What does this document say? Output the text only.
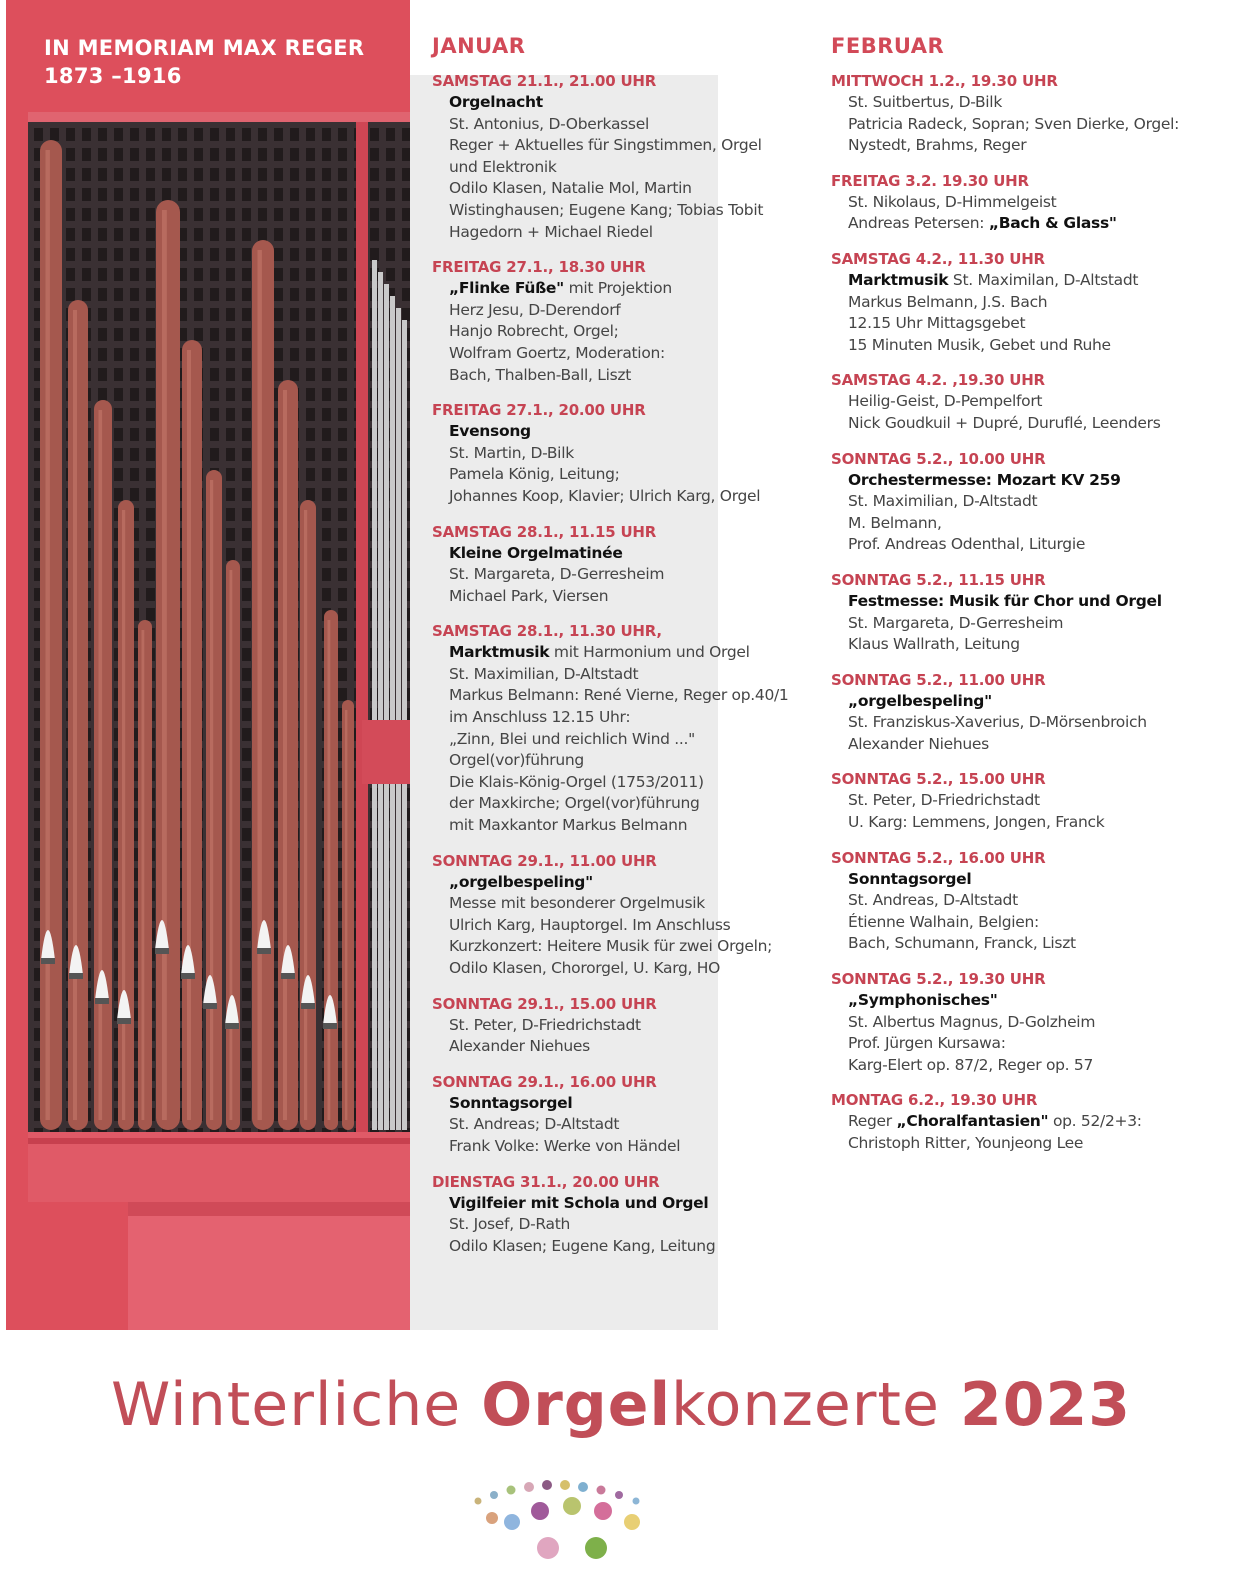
IN MEMORIAM MAX REGER
1873 –1916
JANUAR
SAMSTAG 21.1., 21.00 UHR
Orgelnacht
St. Antonius, D-Oberkassel
Reger + Aktuelles für Singstimmen, Orgel
und Elektronik
Odilo Klasen, Natalie Mol, Martin
Wistinghausen; Eugene Kang; Tobias Tobit
Hagedorn + Michael Riedel
FREITAG 27.1., 18.30 UHR
„Flinke Füße" mit Projektion
Herz Jesu, D-Derendorf
Hanjo Robrecht, Orgel;
Wolfram Goertz, Moderation:
Bach, Thalben-Ball, Liszt
FREITAG 27.1., 20.00 UHR
Evensong
St. Martin, D-Bilk
Pamela König, Leitung;
Johannes Koop, Klavier; Ulrich Karg, Orgel
SAMSTAG 28.1., 11.15 UHR
Kleine Orgelmatinée
St. Margareta, D-Gerresheim
Michael Park, Viersen
SAMSTAG 28.1., 11.30 UHR,
Marktmusik mit Harmonium und Orgel
St. Maximilian, D-Altstadt
Markus Belmann: René Vierne, Reger op.40/1
im Anschluss 12.15 Uhr:
„Zinn, Blei und reichlich Wind ..."
Orgel(vor)führung
Die Klais-König-Orgel (1753/2011)
der Maxkirche; Orgel(vor)führung
mit Maxkantor Markus Belmann
SONNTAG 29.1., 11.00 UHR
„orgelbespeling"
Messe mit besonderer Orgelmusik
Ulrich Karg, Hauptorgel. Im Anschluss
Kurzkonzert: Heitere Musik für zwei Orgeln;
Odilo Klasen, Chororgel, U. Karg, HO
SONNTAG 29.1., 15.00 UHR
St. Peter, D-Friedrichstadt
Alexander Niehues
SONNTAG 29.1., 16.00 UHR
Sonntagsorgel
St. Andreas; D-Altstadt
Frank Volke: Werke von Händel
DIENSTAG 31.1., 20.00 UHR
Vigilfeier mit Schola und Orgel
St. Josef, D-Rath
Odilo Klasen; Eugene Kang, Leitung
FEBRUAR
MITTWOCH 1.2., 19.30 UHR
St. Suitbertus, D-Bilk
Patricia Radeck, Sopran; Sven Dierke, Orgel:
Nystedt, Brahms, Reger
FREITAG 3.2. 19.30 UHR
St. Nikolaus, D-Himmelgeist
Andreas Petersen: „Bach & Glass"
SAMSTAG 4.2., 11.30 UHR
Marktmusik St. Maximilan, D-Altstadt
Markus Belmann, J.S. Bach
12.15 Uhr Mittagsgebet
15 Minuten Musik, Gebet und Ruhe
SAMSTAG 4.2. ,19.30 UHR
Heilig-Geist, D-Pempelfort
Nick Goudkuil + Dupré, Duruflé, Leenders
SONNTAG 5.2., 10.00 UHR
Orchestermesse: Mozart KV 259
St. Maximilian, D-Altstadt
M. Belmann,
Prof. Andreas Odenthal, Liturgie
SONNTAG 5.2., 11.15 UHR
Festmesse: Musik für Chor und Orgel
St. Margareta, D-Gerresheim
Klaus Wallrath, Leitung
SONNTAG 5.2., 11.00 UHR
„orgelbespeling"
St. Franziskus-Xaverius, D-Mörsenbroich
Alexander Niehues
SONNTAG 5.2., 15.00 UHR
St. Peter, D-Friedrichstadt
U. Karg: Lemmens, Jongen, Franck
SONNTAG 5.2., 16.00 UHR
Sonntagsorgel
St. Andreas, D-Altstadt
Étienne Walhain, Belgien:
Bach, Schumann, Franck, Liszt
SONNTAG 5.2., 19.30 UHR
„Symphonisches"
St. Albertus Magnus, D-Golzheim
Prof. Jürgen Kursawa:
Karg-Elert op. 87/2, Reger op. 57
MONTAG 6.2., 19.30 UHR
Reger „Choralfantasien" op. 52/2+3:
Christoph Ritter, Younjeong Lee
Winterliche Orgelkonzerte 2023
